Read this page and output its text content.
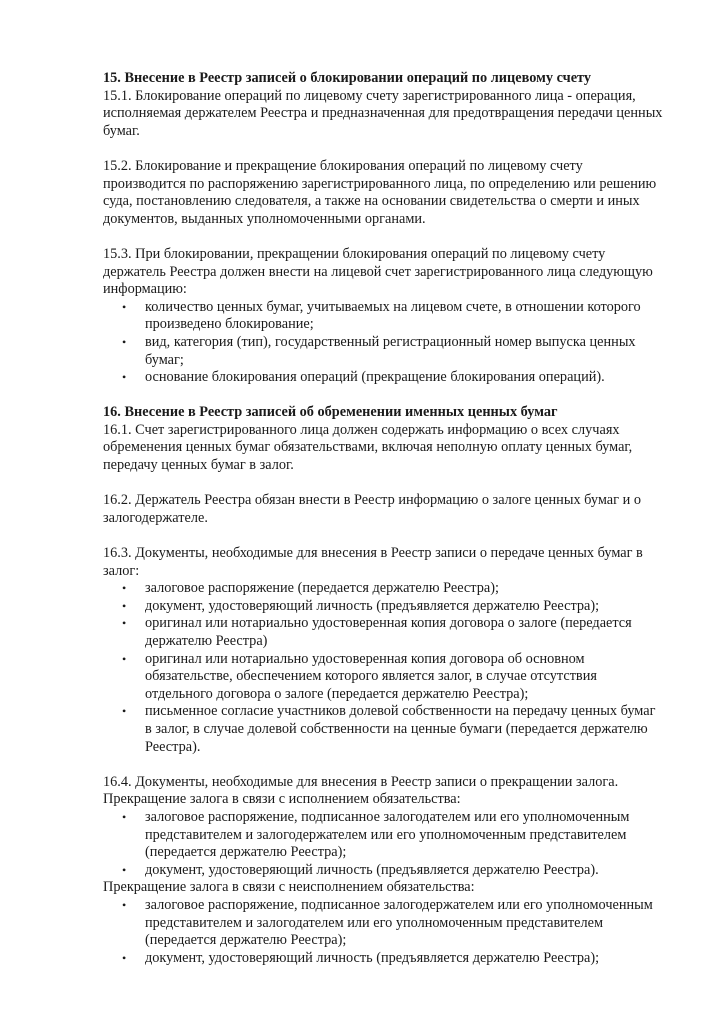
15. Внесение в Реестр записей о блокировании операций по лицевому счету

15.1. Блокирование операций по лицевому счету зарегистрированного лица - операция, исполняемая держателем Реестра и предназначенная для предотвращения передачи ценных бумаг.

15.2. Блокирование и прекращение блокирования операций по лицевому счету производится по распоряжению зарегистрированного лица, по определению или решению суда, постановлению следователя, а также на основании свидетельства о смерти и иных документов, выданных уполномоченными органами.

15.3. При блокировании, прекращении блокирования операций по лицевому счету держатель Реестра должен внести на лицевой счет зарегистрированного лица следующую информацию:

• количество ценных бумаг, учитываемых на лицевом счете, в отношении которого произведено блокирование;
• вид, категория (тип), государственный регистрационный номер выпуска ценных бумаг;
• основание блокирования операций (прекращение блокирования операций).

16. Внесение в Реестр записей об обременении именных ценных бумаг

16.1. Счет зарегистрированного лица должен содержать информацию о всех случаях обременения ценных бумаг обязательствами, включая неполную оплату ценных бумаг, передачу ценных бумаг в залог.

16.2. Держатель Реестра обязан внести в Реестр информацию о залоге ценных бумаг и о залогодержателе.

16.3. Документы, необходимые для внесения в Реестр записи о передаче ценных бумаг в залог:

• залоговое распоряжение (передается держателю Реестра);
• документ, удостоверяющий личность (предъявляется держателю Реестра);
• оригинал или нотариально удостоверенная копия договора о залоге (передается держателю Реестра)
• оригинал или нотариально удостоверенная копия договора об основном обязательстве, обеспечением которого является залог, в случае отсутствия отдельного договора о залоге (передается держателю Реестра);
• письменное согласие участников долевой собственности на передачу ценных бумаг в залог, в случае долевой собственности на ценные бумаги (передается держателю Реестра).

16.4. Документы, необходимые для внесения в Реестр записи о прекращении залога.

Прекращение залога в связи с исполнением обязательства:

• залоговое распоряжение, подписанное залогодателем или его уполномоченным представителем и залогодержателем или его уполномоченным представителем (передается держателю Реестра);
• документ, удостоверяющий личность (предъявляется держателю Реестра).

Прекращение залога в связи с неисполнением обязательства:

• залоговое распоряжение, подписанное залогодержателем или его уполномоченным представителем и залогодателем или его уполномоченным представителем (передается держателю Реестра);
• документ, удостоверяющий личность (предъявляется держателю Реестра);
